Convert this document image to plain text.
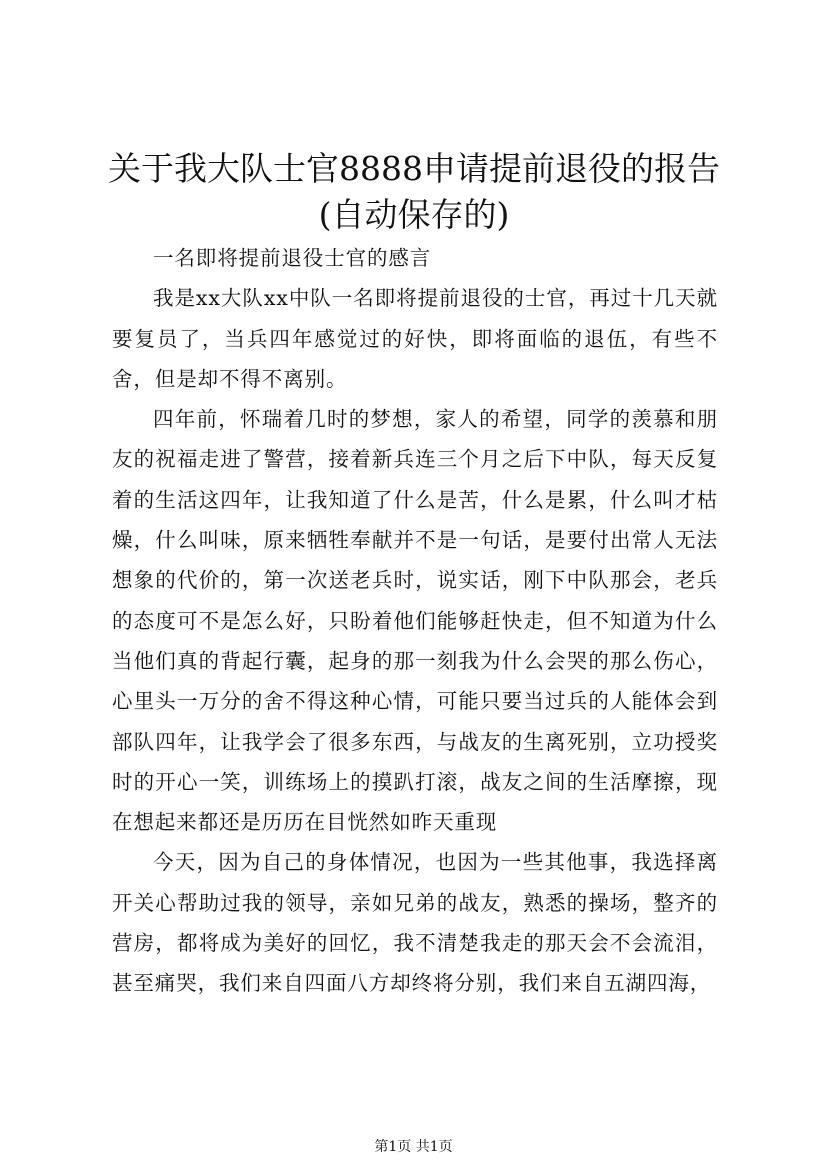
关于我大队士官8888申请提前退役的报告(自动保存的)

一名即将提前退役士官的感言

我是xx大队xx中队一名即将提前退役的士官，再过十几天就要复员了，当兵四年感觉过的好快，即将面临的退伍，有些不舍，但是却不得不离别。

四年前，怀瑞着几时的梦想，家人的希望，同学的羡慕和朋友的祝福走进了警营，接着新兵连三个月之后下中队，每天反复着的生活这四年，让我知道了什么是苦，什么是累，什么叫才枯燥，什么叫味，原来牺牲奉献并不是一句话，是要付出常人无法想象的代价的，第一次送老兵时，说实话，刚下中队那会，老兵的态度可不是怎么好，只盼着他们能够赶快走，但不知道为什么当他们真的背起行囊，起身的那一刻我为什么会哭的那么伤心，心里头一万分的舍不得这种心情，可能只要当过兵的人能体会到部队四年，让我学会了很多东西，与战友的生离死别，立功授奖时的开心一笑，训练场上的摸趴打滚，战友之间的生活摩擦，现在想起来都还是历历在目恍然如昨天重现

今天，因为自己的身体情况，也因为一些其他事，我选择离开关心帮助过我的领导，亲如兄弟的战友，熟悉的操场，整齐的营房，都将成为美好的回忆，我不清楚我走的那天会不会流泪，甚至痛哭，我们来自四面八方却终将分别，我们来自五湖四海，

第1页 共1页
